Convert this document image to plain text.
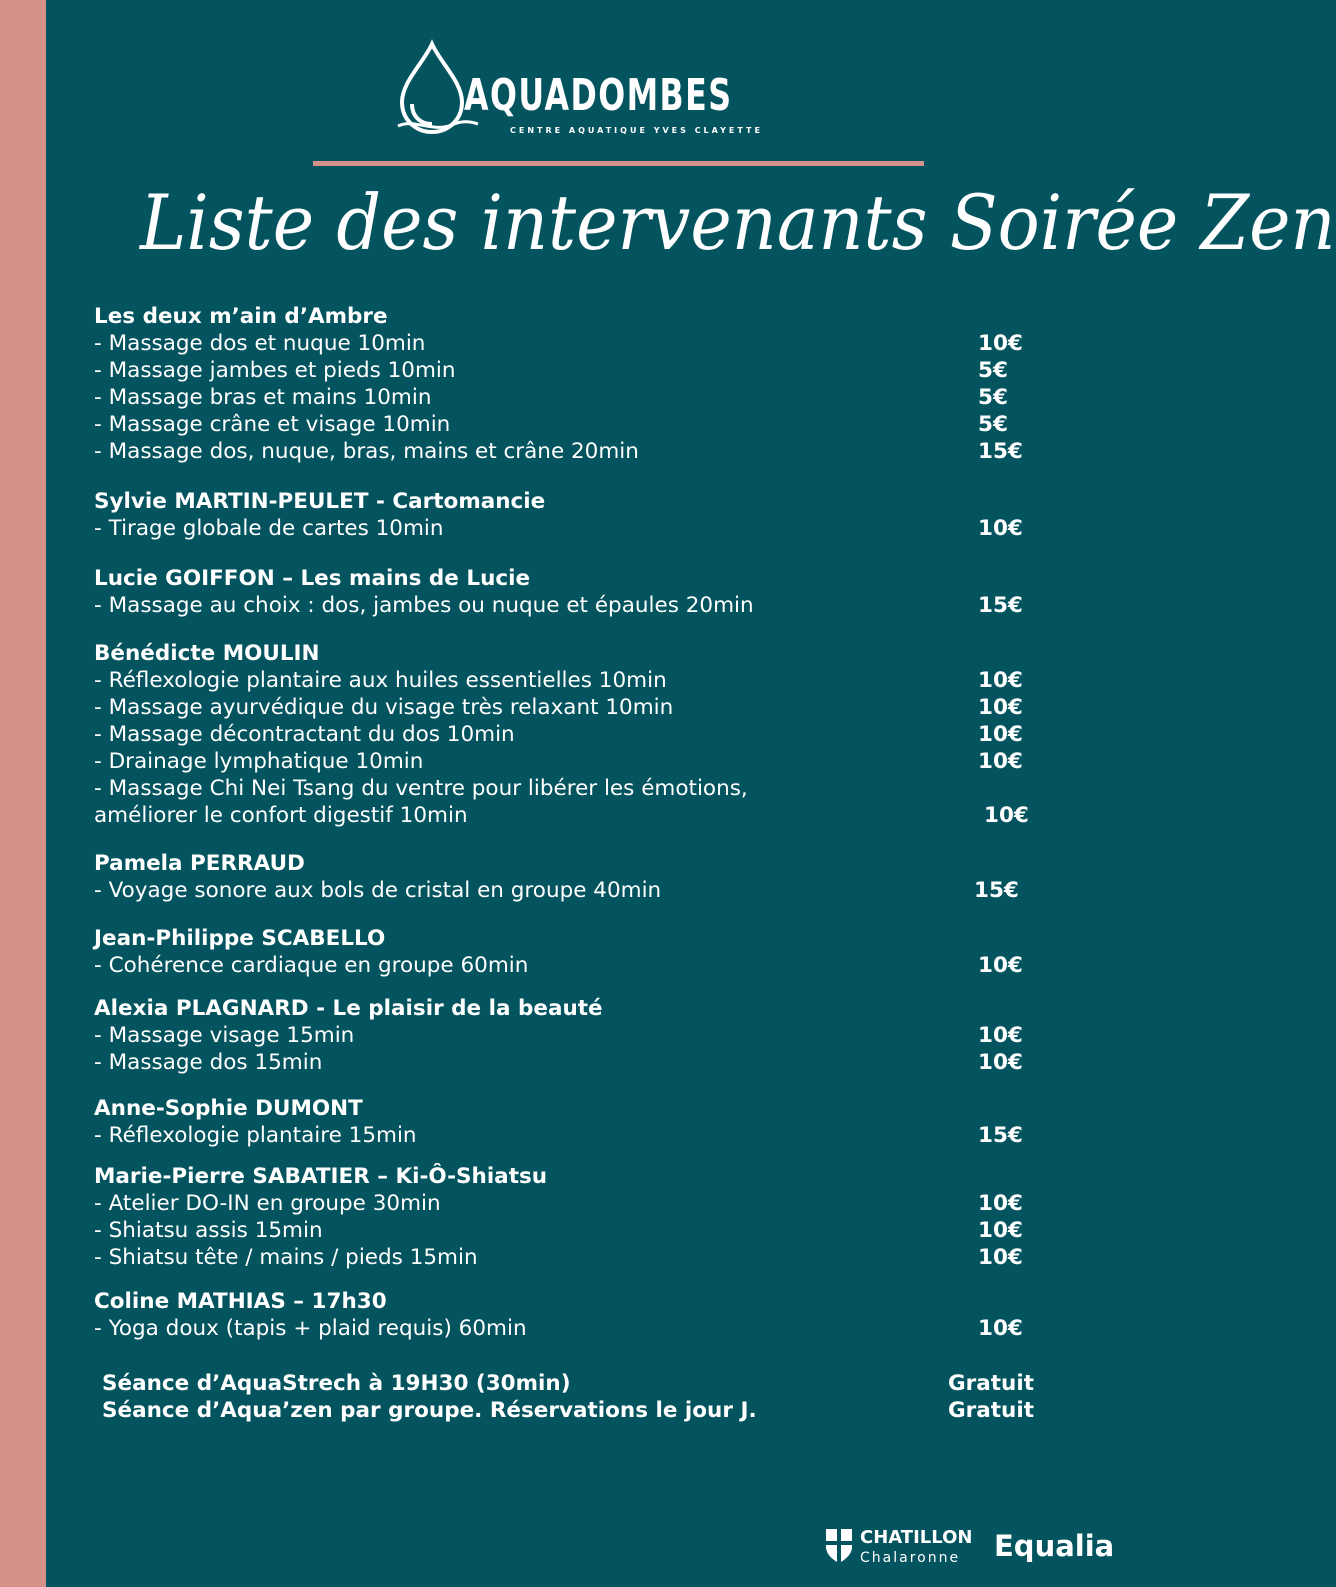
AQUADOMBES
CENTRE AQUATIQUE YVES CLAYETTE
Liste des intervenants Soirée Zen
Les deux m’ain d’Ambre
- Massage dos et nuque 10min	10€
- Massage jambes et pieds 10min	5€
- Massage bras et mains 10min	5€
- Massage crâne et visage 10min	5€
- Massage dos, nuque, bras, mains et crâne 20min	15€
Sylvie MARTIN-PEULET - Cartomancie
- Tirage globale de cartes 10min	10€
Lucie GOIFFON – Les mains de Lucie
- Massage au choix : dos, jambes ou nuque et épaules 20min	15€
Bénédicte MOULIN
- Réflexologie plantaire aux huiles essentielles 10min	10€
- Massage ayurvédique du visage très relaxant 10min	10€
- Massage décontractant du dos 10min	10€
- Drainage lymphatique 10min	10€
- Massage Chi Nei Tsang du ventre pour libérer les émotions,
améliorer le confort digestif 10min	10€
Pamela PERRAUD
- Voyage sonore aux bols de cristal en groupe 40min	15€
Jean-Philippe SCABELLO
- Cohérence cardiaque en groupe 60min	10€
Alexia PLAGNARD - Le plaisir de la beauté
- Massage visage 15min	10€
- Massage dos 15min	10€
Anne-Sophie DUMONT
- Réflexologie plantaire 15min	15€
Marie-Pierre SABATIER – Ki-Ô-Shiatsu
- Atelier DO-IN en groupe 30min	10€
- Shiatsu assis 15min	10€
- Shiatsu tête / mains / pieds 15min	10€
Coline MATHIAS – 17h30
- Yoga doux (tapis + plaid requis) 60min	10€
Séance d’AquaStrech à 19H30 (30min)	Gratuit
Séance d’Aqua’zen par groupe. Réservations le jour J.	Gratuit
CHATILLON
Chalaronne Equalia
